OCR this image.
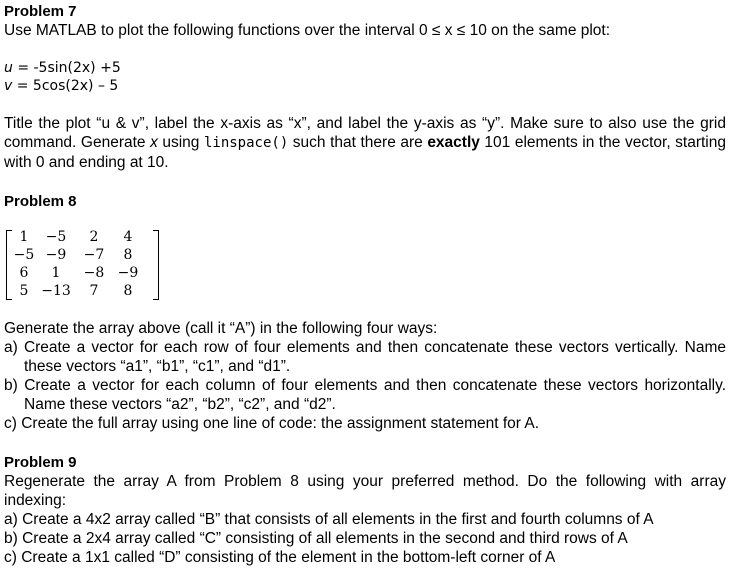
Problem 7

Use MATLAB to plot the following functions over the interval 0 ≤ x ≤ 10 on the same plot:

u = -5sin(2x) +5

v = 5cos(2x) – 5

Title the plot “u & v”, label the x-axis as “x”, and label the y-axis as “y”. Make sure to also use the grid command. Generate x using linspace() such that there are exactly 101 elements in the vector, starting with 0 and ending at 10.

Problem 8
1	−5	2	4
−5	−9	−7	8
6	1	−8	−9
5	−13	7	8

Generate the array above (call it “A”) in the following four ways:

a) Create a vector for each row of four elements and then concatenate these vectors vertically. Name these vectors “a1”, “b1”, “c1”, and “d1”.

b) Create a vector for each column of four elements and then concatenate these vectors horizontally. Name these vectors “a2”, “b2”, “c2”, and “d2”.

c) Create the full array using one line of code: the assignment statement for A.

Problem 9

Regenerate the array A from Problem 8 using your preferred method. Do the following with array indexing:

a) Create a 4x2 array called “B” that consists of all elements in the first and fourth columns of A

b) Create a 2x4 array called “C” consisting of all elements in the second and third rows of A

c) Create a 1x1 called “D” consisting of the element in the bottom-left corner of A
